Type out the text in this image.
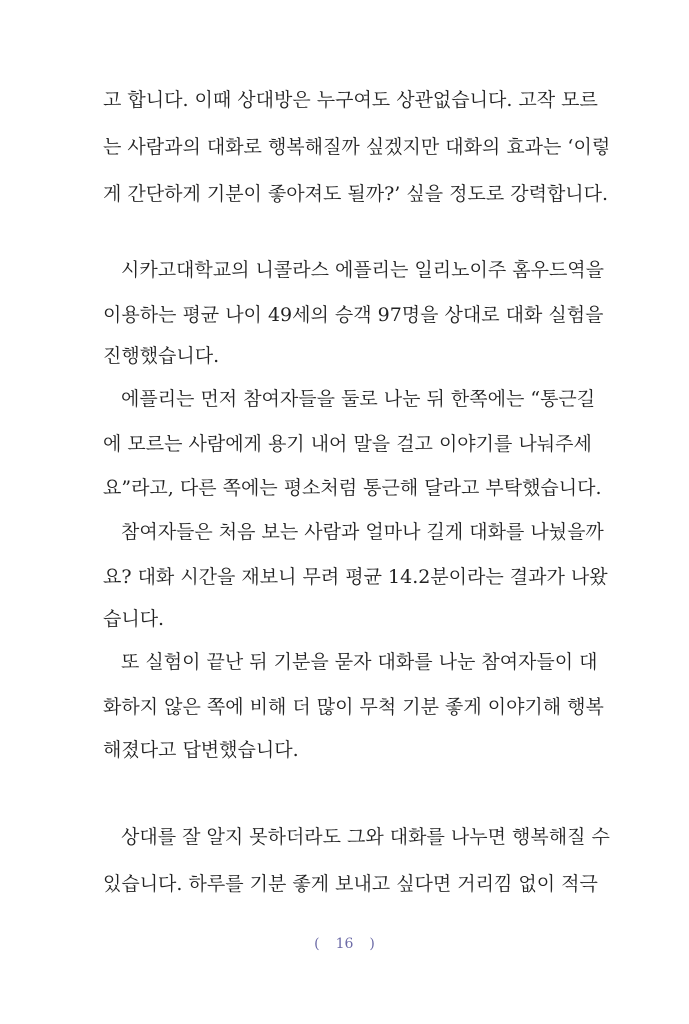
고 합니다. 이때 상대방은 누구여도 상관없습니다. 고작 모르
는 사람과의 대화로 행복해질까 싶겠지만 대화의 효과는 ‘이렇
게 간단하게 기분이 좋아져도 될까?’ 싶을 정도로 강력합니다.
시카고대학교의 니콜라스 에플리는 일리노이주 홈우드역을
이용하는 평균 나이 49세의 승객 97명을 상대로 대화 실험을
진행했습니다.
에플리는 먼저 참여자들을 둘로 나눈 뒤 한쪽에는 “통근길
에 모르는 사람에게 용기 내어 말을 걸고 이야기를 나눠주세
요”라고, 다른 쪽에는 평소처럼 통근해 달라고 부탁했습니다.
참여자들은 처음 보는 사람과 얼마나 길게 대화를 나눴을까
요? 대화 시간을 재보니 무려 평균 14.2분이라는 결과가 나왔
습니다.
또 실험이 끝난 뒤 기분을 묻자 대화를 나눈 참여자들이 대
화하지 않은 쪽에 비해 더 많이 무척 기분 좋게 이야기해 행복
해졌다고 답변했습니다.
상대를 잘 알지 못하더라도 그와 대화를 나누면 행복해질 수
있습니다. 하루를 기분 좋게 보내고 싶다면 거리낌 없이 적극
( 16 )
